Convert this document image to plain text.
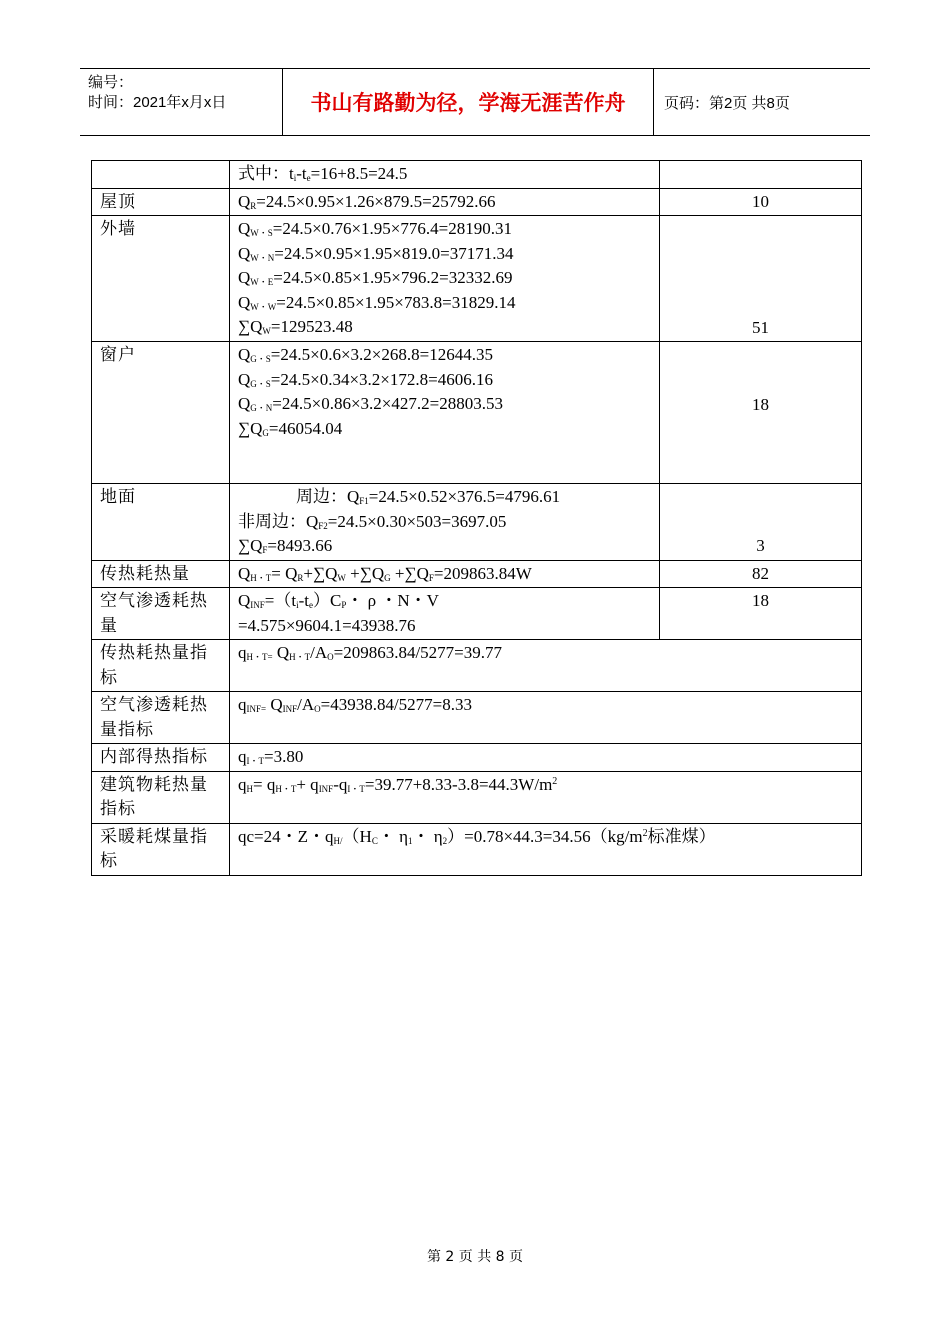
编号：
时间：2021年x月x日	书山有路勤为径，学海无涯苦作舟	页码：第2页 共8页
	式中：$t_i-t_e=16+8.5=24.5$	
屋顶	$Q_R=24.5\times 0.95\times 1.26\times 879.5=25792.66$	10
外墙	$Q_{W・S}=24.5\times 0.76\times 1.95\times 776.4=28190.31$
$Q_{W・N}=24.5\times 0.95\times 1.95\times 819.0=37171.34$
$Q_{W・E}=24.5\times 0.85\times 1.95\times 796.2=32332.69$
$Q_{W・W}=24.5\times 0.85\times 1.95\times 783.8=31829.14$
$\sum Q_W=129523.48$	51
窗户	$Q_{G・S}=24.5\times 0.6\times 3.2\times 268.8=12644.35$
$Q_{G・S}=24.5\times 0.34\times 3.2\times 172.8=4606.16$
$Q_{G・N}=24.5\times 0.86\times 3.2\times 427.2=28803.53$
$\sum Q_G=46054.04$	18
地面	周边：$Q_{F1}=24.5\times 0.52\times 376.5=4796.61$
非周边：$Q_{F2}=24.5\times 0.30\times 503=3697.05$
$\sum Q_F=8493.66$	3
传热耗热量	$Q_{H・T}= Q_R+\sum Q_W +\sum Q_G +\sum Q_F=209863.84W$	82
空气渗透耗热量	$Q_{INF}=(t_i-t_e)C_P$・ ρ ・N・V
=4.575×9604.1=43938.76	18
传热耗热量指标	$q_{H・T=}$ $Q_{H・T}/A_O=209863.84/5277=39.77$	
空气渗透耗热量指标	$q_{INF=}$ $Q_{INF}/A_O=43938.84/5277=8.33$	
内部得热指标	$q_{I・T}=3.80$	
建筑物耗热量指标	$q_H= q_{H・T}+ q_{INF}-q_{I・T}=39.77+8.33-3.8=44.3W/m^2$
采暖耗煤量指标	qc=24・Z・$q_{H/}(H_C$・ $\eta_1$・ $\eta_2)=0.78\times 44.3=34.56(kg/m^2$标准煤）	
第 2 页 共 8 页
